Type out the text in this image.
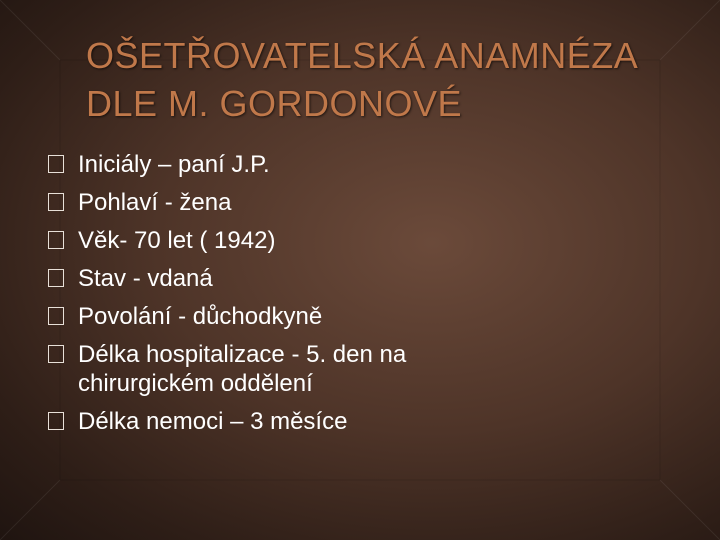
OŠETŘOVATELSKÁ ANAMNÉZA
DLE M. GORDONOVÉ
Iniciály – paní J.P.
Pohlaví - žena
Věk- 70 let ( 1942)
Stav - vdaná
Povolání - důchodkyně
Délka hospitalizace - 5. den na chirurgickém oddělení
Délka nemoci – 3 měsíce
